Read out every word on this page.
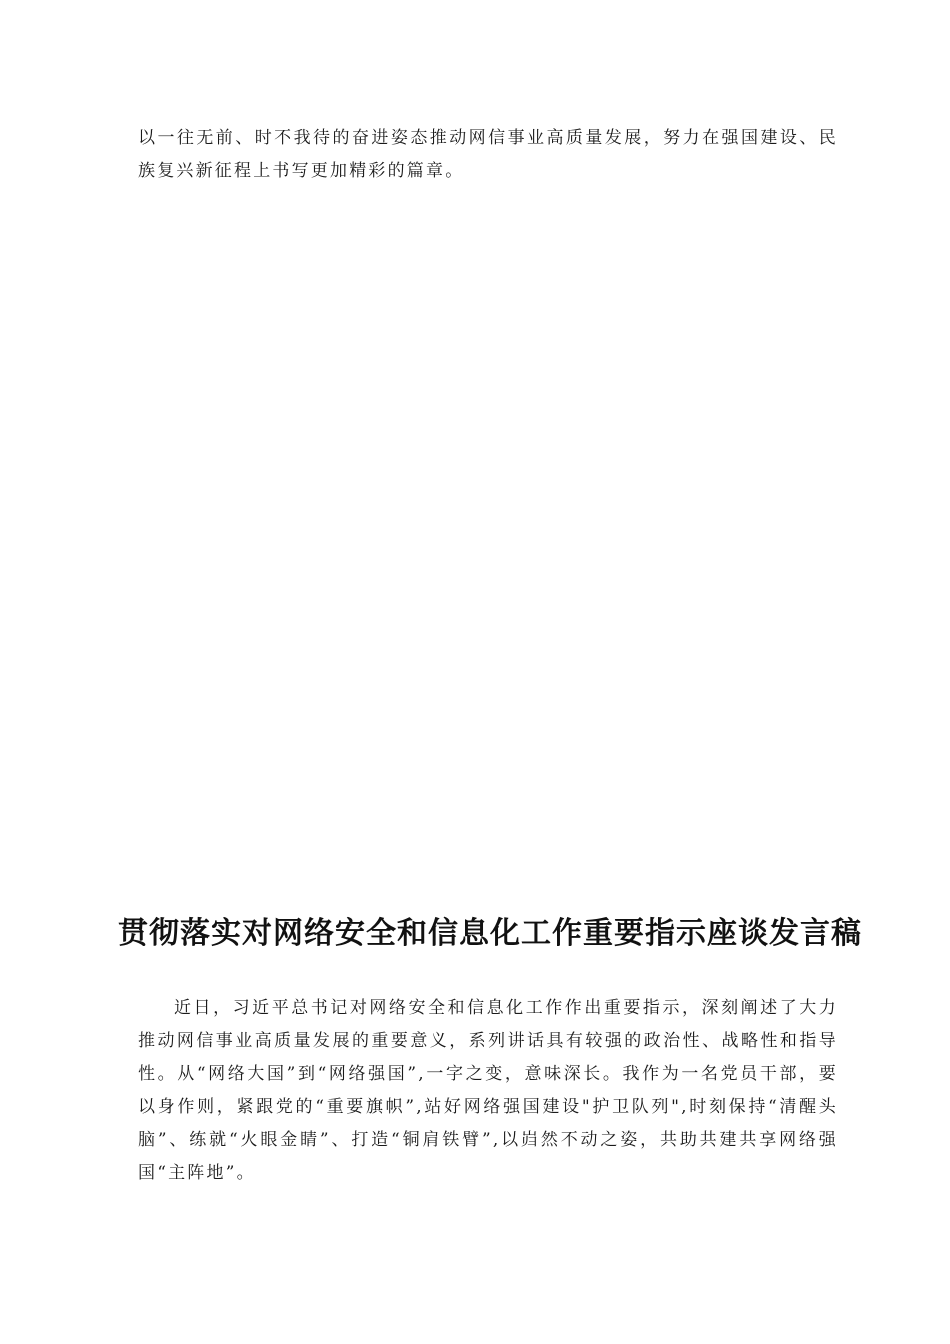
以一往无前、时不我待的奋进姿态推动网信事业高质量发展，努力在强国建设、民族复兴新征程上书写更加精彩的篇章。

贯彻落实对网络安全和信息化工作重要指示座谈发言稿

近日，习近平总书记对网络安全和信息化工作作出重要指示，深刻阐述了大力推动网信事业高质量发展的重要意义，系列讲话具有较强的政治性、战略性和指导性。从“网络大国”到“网络强国”,一字之变，意味深长。我作为一名党员干部，要以身作则，紧跟党的“重要旗帜”,站好网络强国建设"护卫队列",时刻保持“清醒头脑”、练就“火眼金睛”、打造“铜肩铁臂”,以岿然不动之姿，共助共建共享网络强国“主阵地”。
